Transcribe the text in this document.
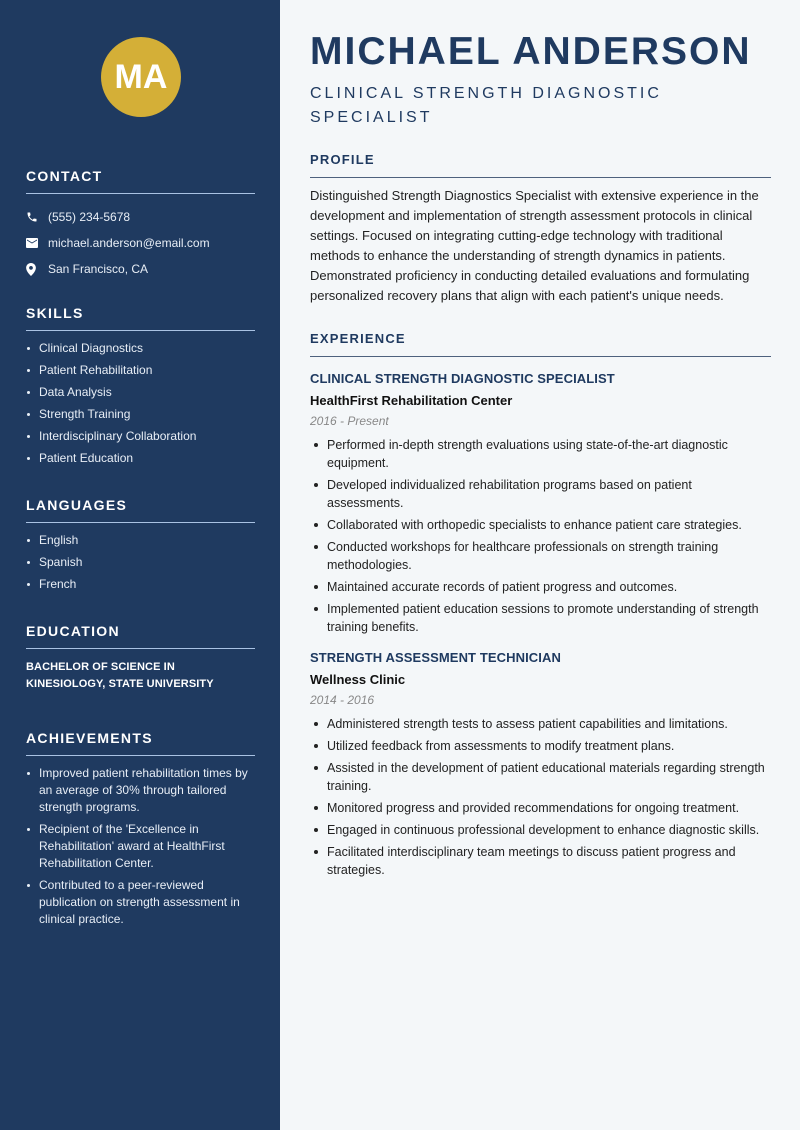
MA
CONTACT
(555) 234-5678
michael.anderson@email.com
San Francisco, CA
SKILLS
Clinical Diagnostics
Patient Rehabilitation
Data Analysis
Strength Training
Interdisciplinary Collaboration
Patient Education
LANGUAGES
English
Spanish
French
EDUCATION
BACHELOR OF SCIENCE IN KINESIOLOGY, STATE UNIVERSITY
ACHIEVEMENTS
Improved patient rehabilitation times by an average of 30% through tailored strength programs.
Recipient of the 'Excellence in Rehabilitation' award at HealthFirst Rehabilitation Center.
Contributed to a peer-reviewed publication on strength assessment in clinical practice.
MICHAEL ANDERSON
CLINICAL STRENGTH DIAGNOSTIC SPECIALIST
PROFILE

Distinguished Strength Diagnostics Specialist with extensive experience in the development and implementation of strength assessment protocols in clinical settings. Focused on integrating cutting-edge technology with traditional methods to enhance the understanding of strength dynamics in patients. Demonstrated proficiency in conducting detailed evaluations and formulating personalized recovery plans that align with each patient's unique needs.

EXPERIENCE
CLINICAL STRENGTH DIAGNOSTIC SPECIALIST
HealthFirst Rehabilitation Center
2016 - Present
Performed in-depth strength evaluations using state-of-the-art diagnostic equipment.
Developed individualized rehabilitation programs based on patient assessments.
Collaborated with orthopedic specialists to enhance patient care strategies.
Conducted workshops for healthcare professionals on strength training methodologies.
Maintained accurate records of patient progress and outcomes.
Implemented patient education sessions to promote understanding of strength training benefits.
STRENGTH ASSESSMENT TECHNICIAN
Wellness Clinic
2014 - 2016
Administered strength tests to assess patient capabilities and limitations.
Utilized feedback from assessments to modify treatment plans.
Assisted in the development of patient educational materials regarding strength training.
Monitored progress and provided recommendations for ongoing treatment.
Engaged in continuous professional development to enhance diagnostic skills.
Facilitated interdisciplinary team meetings to discuss patient progress and strategies.
